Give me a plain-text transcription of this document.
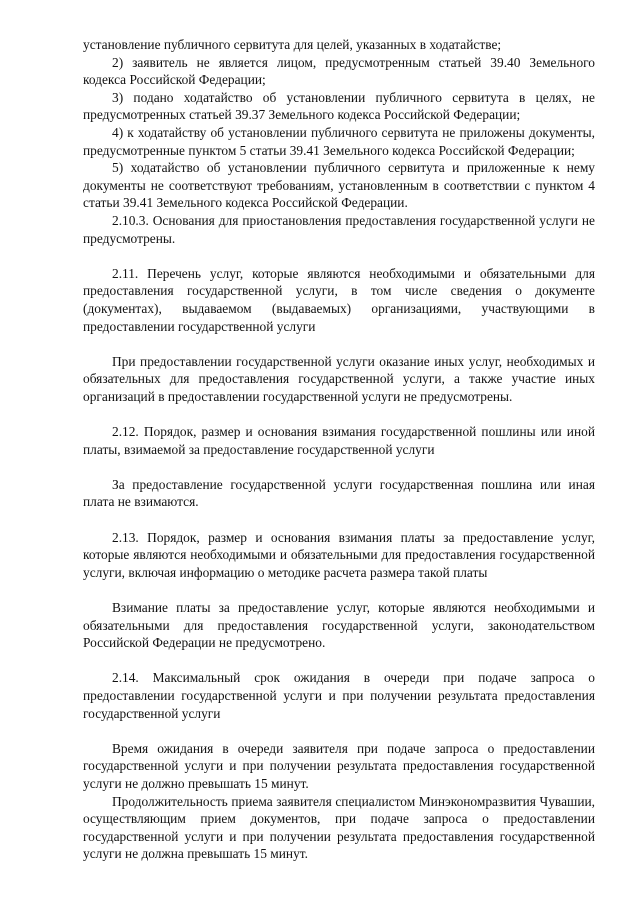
установление публичного сервитута для целей, указанных в ходатайстве;

2) заявитель не является лицом, предусмотренным статьей 39.40 Земельного кодекса Российской Федерации;

3) подано ходатайство об установлении публичного сервитута в целях, не предусмотренных статьей 39.37 Земельного кодекса Российской Федерации;

4) к ходатайству об установлении публичного сервитута не приложены документы, предусмотренные пунктом 5 статьи 39.41 Земельного кодекса Российской Федерации;

5) ходатайство об установлении публичного сервитута и приложенные к нему документы не соответствуют требованиям, установленным в соответствии с пунктом 4 статьи 39.41 Земельного кодекса Российской Федерации.

2.10.3. Основания для приостановления предоставления государственной услуги не предусмотрены.

2.11. Перечень услуг, которые являются необходимыми и обязательными для предоставления государственной услуги, в том числе сведения о документе (документах), выдаваемом (выдаваемых) организациями, участвующими в предоставлении государственной услуги

При предоставлении государственной услуги оказание иных услуг, необходимых и обязательных для предоставления государственной услуги, а также участие иных организаций в предоставлении государственной услуги не предусмотрены.

2.12. Порядок, размер и основания взимания государственной пошлины или иной платы, взимаемой за предоставление государственной услуги

За предоставление государственной услуги государственная пошлина или иная плата не взимаются.

2.13. Порядок, размер и основания взимания платы за предоставление услуг, которые являются необходимыми и обязательными для предоставления государственной услуги, включая информацию о методике расчета размера такой платы

Взимание платы за предоставление услуг, которые являются необходимыми и обязательными для предоставления государственной услуги, законодательством Российской Федерации не предусмотрено.

2.14. Максимальный срок ожидания в очереди при подаче запроса о предоставлении государственной услуги и при получении результата предоставления государственной услуги

Время ожидания в очереди заявителя при подаче запроса о предоставлении государственной услуги и при получении результата предоставления государственной услуги не должно превышать 15 минут.

Продолжительность приема заявителя специалистом Минэкономразвития Чувашии, осуществляющим прием документов, при подаче запроса о предоставлении государственной услуги и при получении результата предоставления государственной услуги не должна превышать 15 минут.
